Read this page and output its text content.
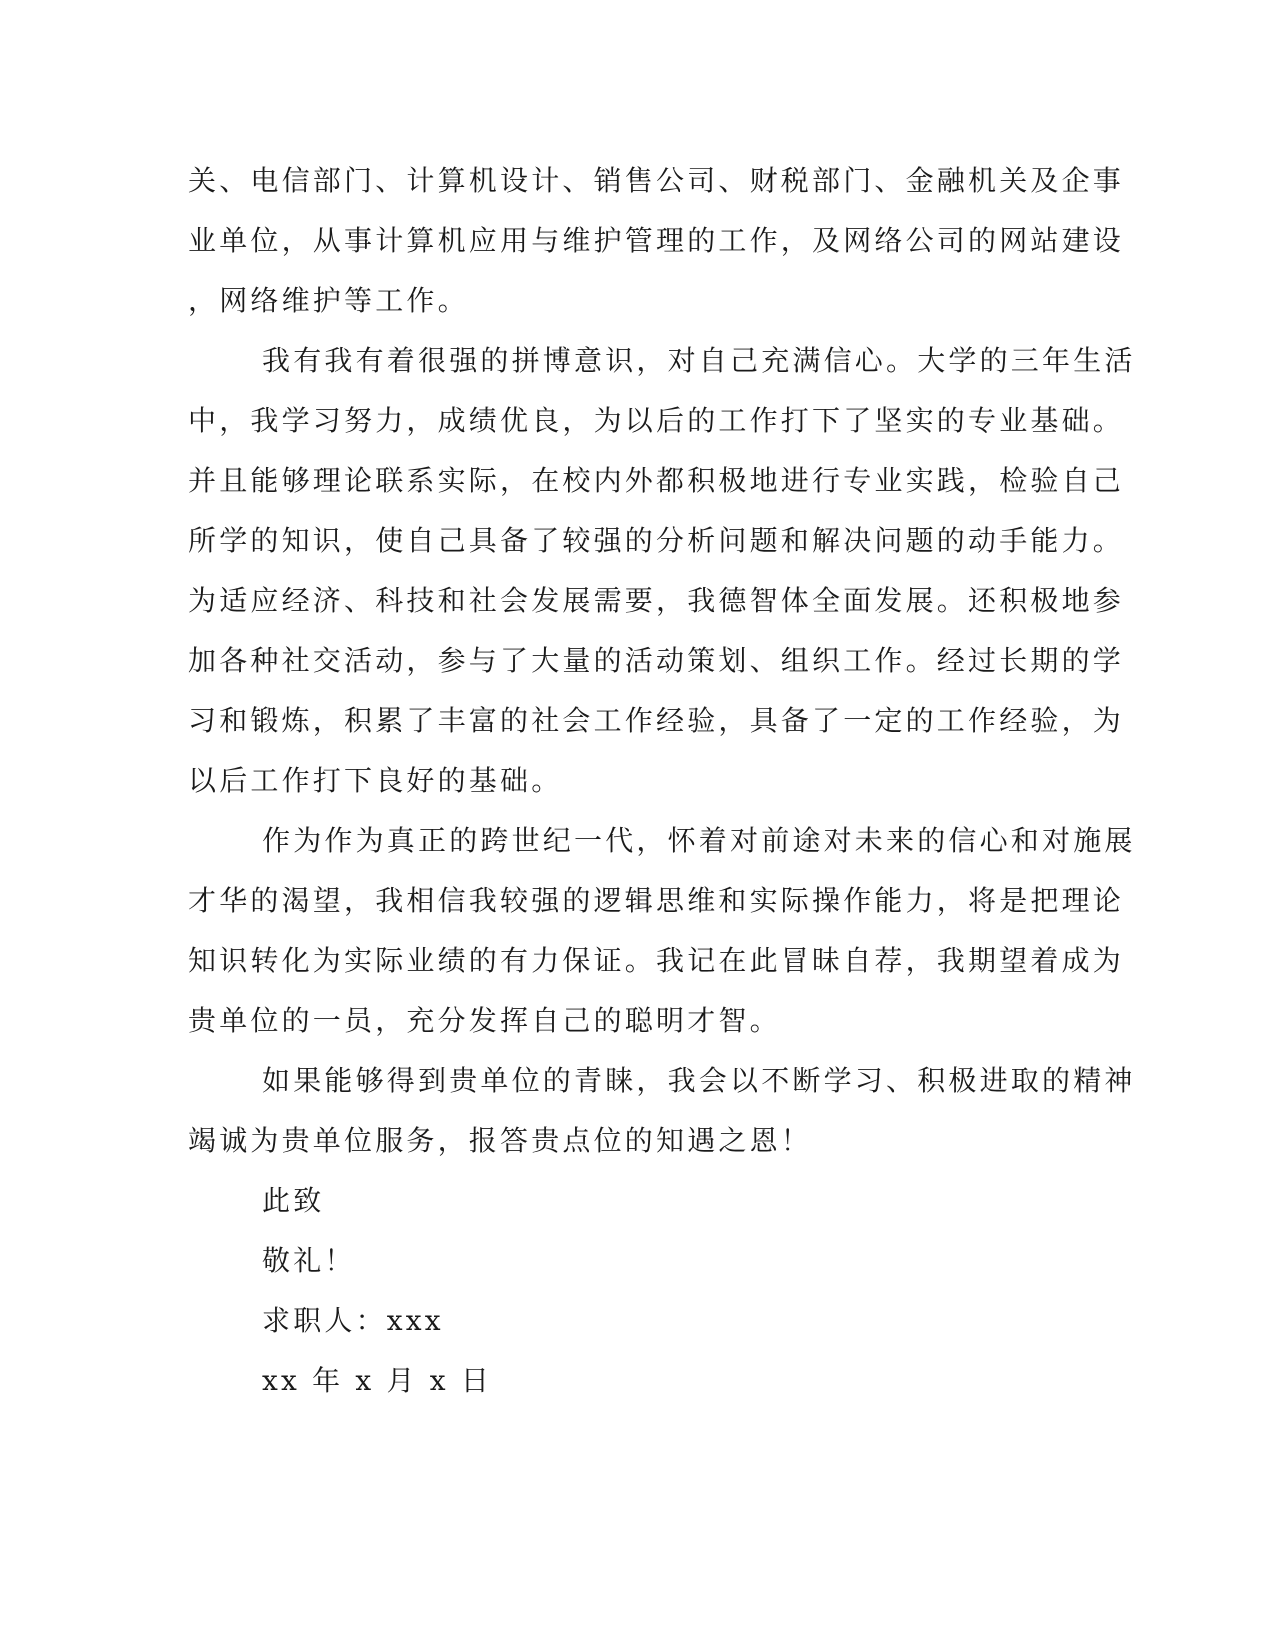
关、电信部门、计算机设计、销售公司、财税部门、金融机关及企事
业单位，从事计算机应用与维护管理的工作，及网络公司的网站建设
，网络维护等工作。
我有我有着很强的拼博意识，对自己充满信心。大学的三年生活
中，我学习努力，成绩优良，为以后的工作打下了坚实的专业基础。
并且能够理论联系实际，在校内外都积极地进行专业实践，检验自己
所学的知识，使自己具备了较强的分析问题和解决问题的动手能力。
为适应经济、科技和社会发展需要，我德智体全面发展。还积极地参
加各种社交活动，参与了大量的活动策划、组织工作。经过长期的学
习和锻炼，积累了丰富的社会工作经验，具备了一定的工作经验，为
以后工作打下良好的基础。
作为作为真正的跨世纪一代，怀着对前途对未来的信心和对施展
才华的渴望，我相信我较强的逻辑思维和实际操作能力，将是把理论
知识转化为实际业绩的有力保证。我记在此冒昧自荐，我期望着成为
贵单位的一员，充分发挥自己的聪明才智。
如果能够得到贵单位的青睐，我会以不断学习、积极进取的精神
竭诚为贵单位服务，报答贵点位的知遇之恩！
此致
敬礼！
求职人：xxx
xx 年 x 月 x 日
